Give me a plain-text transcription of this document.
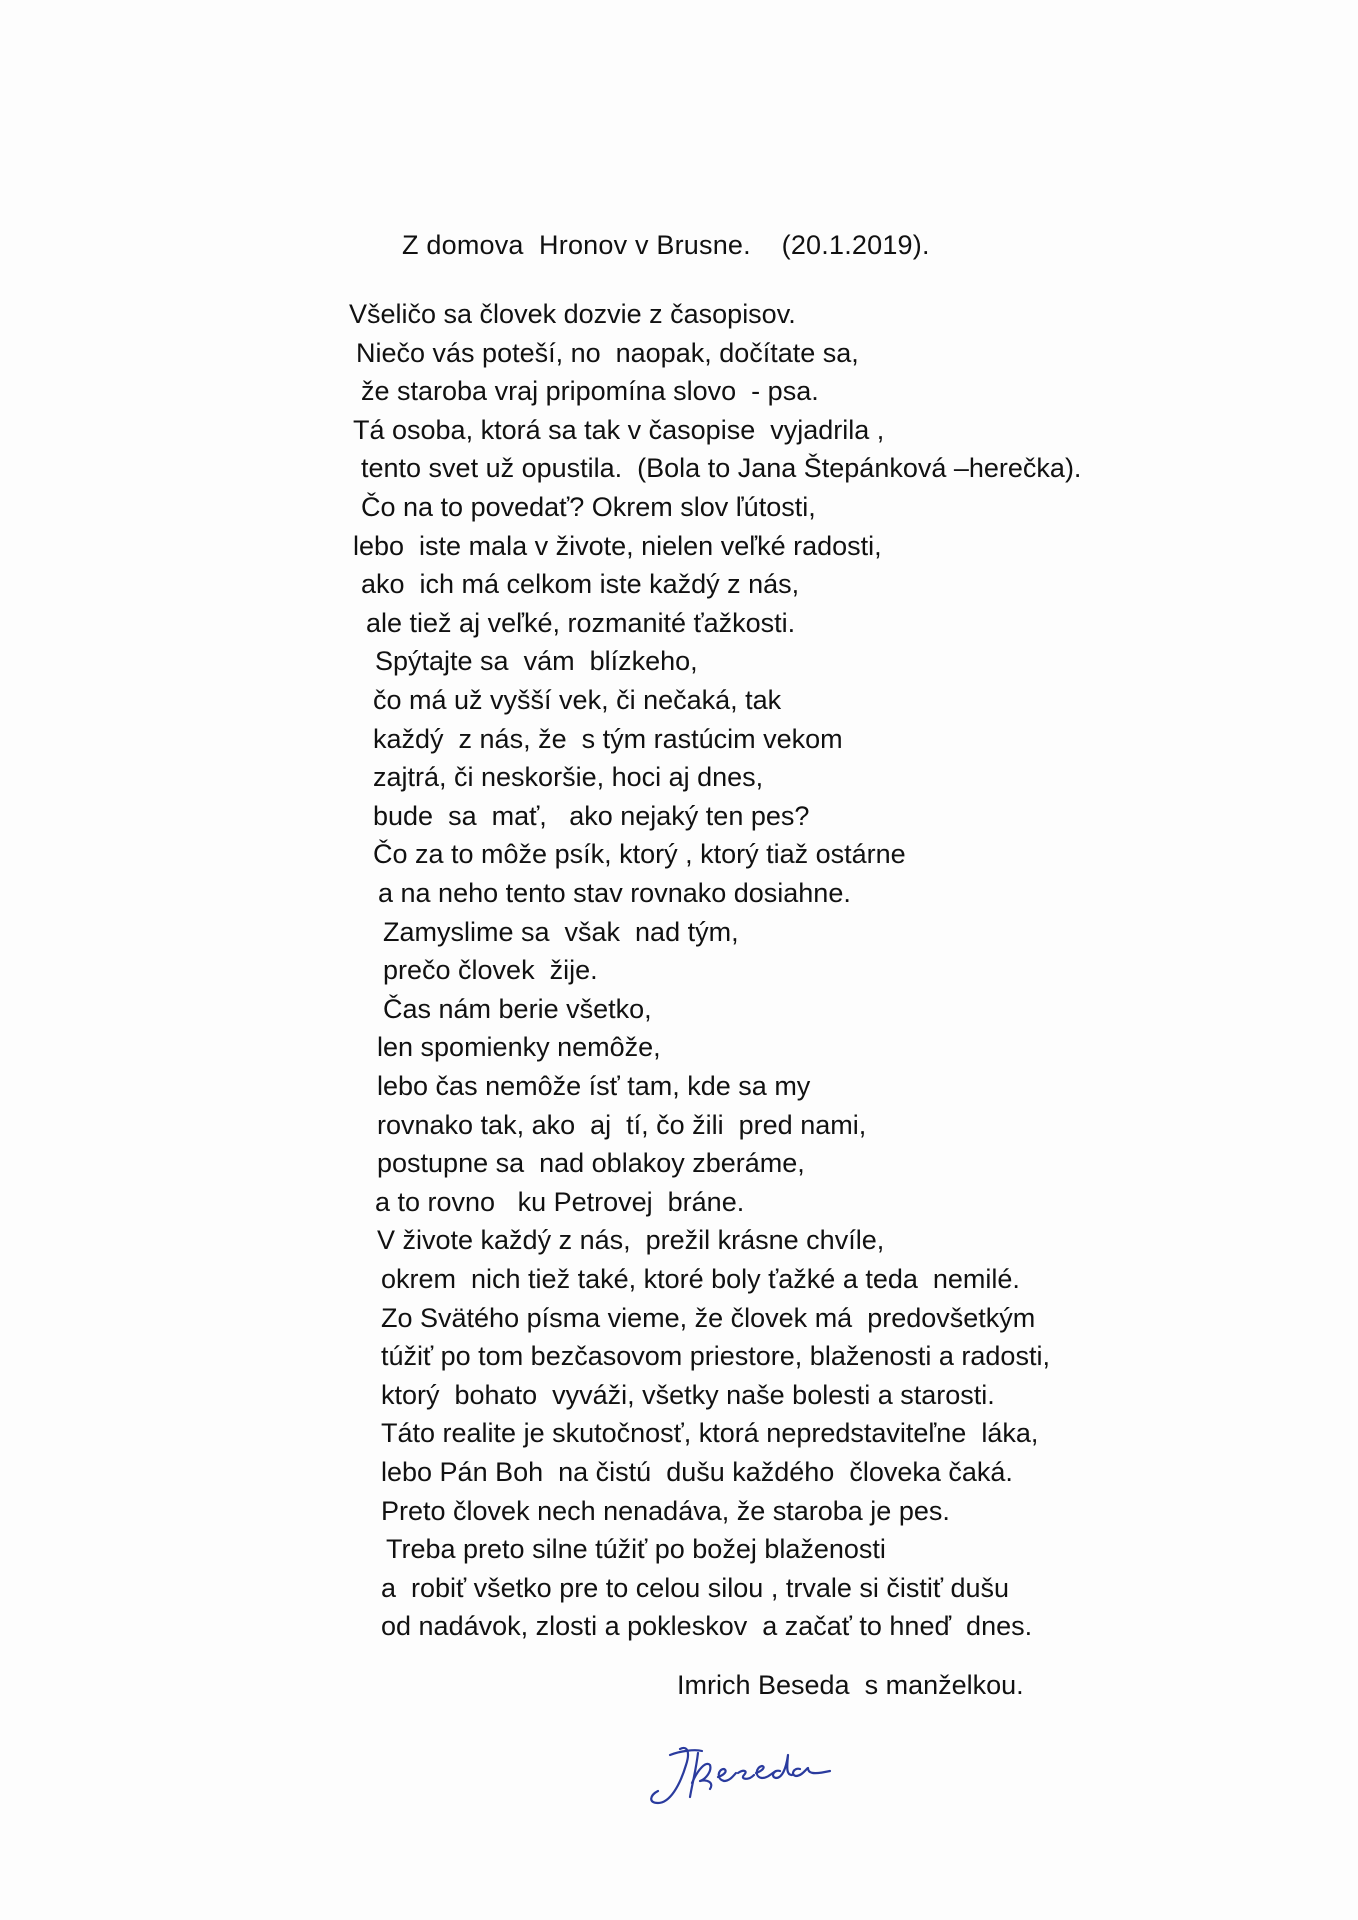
Z domova  Hronov v Brusne.    (20.1.2019).
Všeličo sa človek dozvie z časopisov.
Niečo vás poteší, no  naopak, dočítate sa,
že staroba vraj pripomína slovo  - psa.
Tá osoba, ktorá sa tak v časopise  vyjadrila ,
tento svet už opustila.  (Bola to Jana Štepánková –herečka).
Čo na to povedať? Okrem slov ľútosti,
lebo  iste mala v živote, nielen veľké radosti,
ako  ich má celkom iste každý z nás,
ale tiež aj veľké, rozmanité ťažkosti.
Spýtajte sa  vám  blízkeho,
čo má už vyšší vek, či nečaká, tak
každý  z nás, že  s tým rastúcim vekom
zajtrá, či neskoršie, hoci aj dnes,
bude  sa  mať,   ako nejaký ten pes?
Čo za to môže psík, ktorý , ktorý tiaž ostárne
a na neho tento stav rovnako dosiahne.
Zamyslime sa  však  nad tým,
prečo človek  žije.
Čas nám berie všetko,
len spomienky nemôže,
lebo čas nemôže ísť tam, kde sa my
rovnako tak, ako  aj  tí, čo žili  pred nami,
postupne sa  nad oblakoy zberáme,
a to rovno   ku Petrovej  bráne.
V živote každý z nás,  prežil krásne chvíle,
okrem  nich tiež také, ktoré boly ťažké a teda  nemilé.
Zo Svätého písma vieme, že človek má  predovšetkým
túžiť po tom bezčasovom priestore, blaženosti a radosti,
ktorý  bohato  vyváži, všetky naše bolesti a starosti.
Táto realite je skutočnosť, ktorá nepredstaviteľne  láka,
lebo Pán Boh  na čistú  dušu každého  človeka čaká.
Preto človek nech nenadáva, že staroba je pes.
Treba preto silne túžiť po božej blaženosti
a  robiť všetko pre to celou silou , trvale si čistiť dušu
od nadávok, zlosti a pokleskov  a začať to hneď  dnes.
Imrich Beseda  s manželkou.
